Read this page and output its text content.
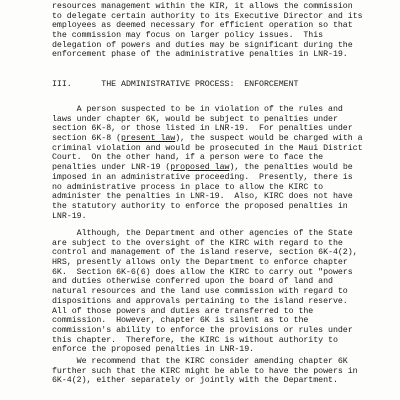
resources management within the KIR, it allows the commission
to delegate certain authority to its Executive Director and its
employees as deemed necessary for efficient operation so that
the commission may focus on larger policy issues.  This
delegation of powers and duties may be significant during the
enforcement phase of the administrative penalties in LNR-19.
III.	THE ADMINISTRATIVE PROCESS:  ENFORCEMENT
A person suspected to be in violation of the rules and
laws under chapter 6K, would be subject to penalties under
section 6K-8, or those listed in LNR-19.  For penalties under
section 6K-8 (present law), the suspect would be charged with a
criminal violation and would be prosecuted in the Maui District
Court.  On the other hand, if a person were to face the
penalties under LNR-19 (proposed law), the penalties would be
imposed in an administrative proceeding.  Presently, there is
no administrative process in place to allow the KIRC to
administer the penalties in LNR-19.  Also, KIRC does not have
the statutory authority to enforce the proposed penalties in
LNR-19.
Although, the Department and other agencies of the State
are subject to the oversight of the KIRC with regard to the
control and management of the island reserve, section 6K-4(2),
HRS, presently allows only the Department to enforce chapter
6K.  Section 6K-6(6) does allow the KIRC to carry out "powers
and duties otherwise conferred upon the board of land and
natural resources and the land use commission with regard to
dispositions and approvals pertaining to the island reserve.
All of those powers and duties are transferred to the
commission.  However, chapter 6K is silent as to the
commission's ability to enforce the provisions or rules under
this chapter.  Therefore, the KIRC is without authority to
enforce the proposed penalties in LNR-19.
We recommend that the KIRC consider amending chapter 6K
further such that the KIRC might be able to have the powers in
6K-4(2), either separately or jointly with the Department.
